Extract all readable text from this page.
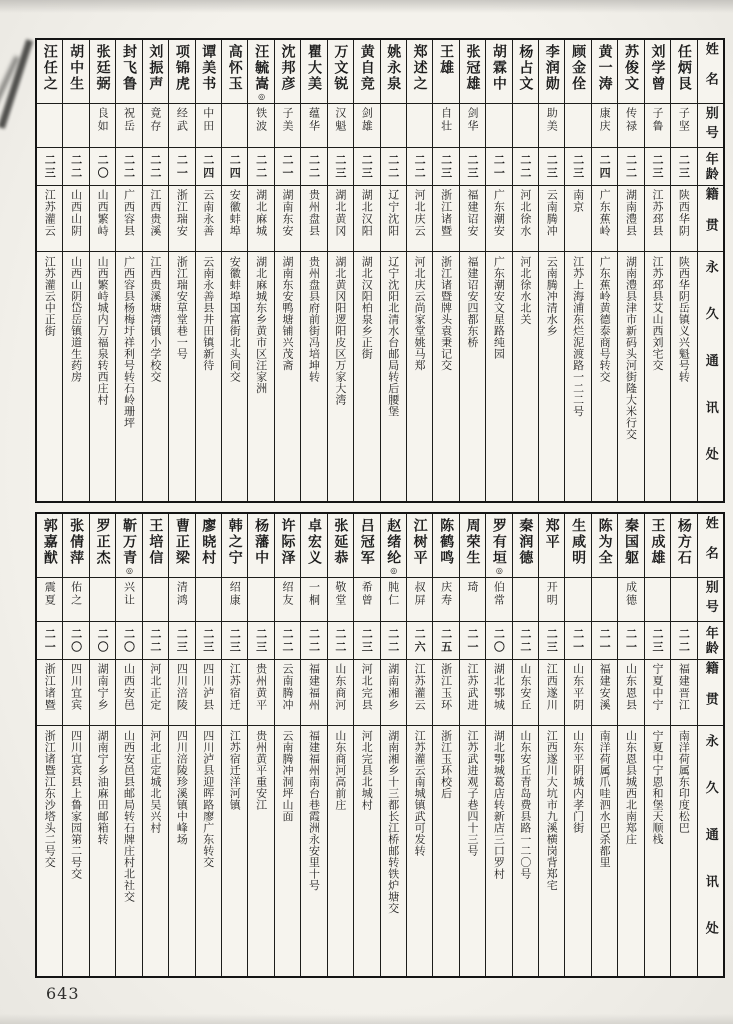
姓名
别号
年龄
籍贯
永久通讯处
任炳艮
子坚
二三
陕西华阴
陕西华阴岳镇义兴魁号转
刘学曾
子鲁
二三
江苏邳县
江苏邳县艾山西刘宅交
苏俊文
传禄
二二
湖南澧县
湖南澧县津市新码头河街隆大米行交
黄一涛
康庆
二四
广东蕉岭
广东蕉岭黄德泰商号转交
顾金佺
二三
南京
江苏上海浦东烂泥渡路一二二号
李润勋
助美
二三
云南腾冲
云南腾冲清水乡
杨占文
二二
河北徐水
河北徐水北关
胡霖中
二一
广东潮安
广东潮安文星路纯园
张冠雄
剑华
二三
福建诏安
福建诏安四都东桥
王雄
自壮
二三
浙江诸暨
浙江诸暨牌头袁秉记交
郑述之
二二
河北庆云
河北庆云尚家堂姚马郑
姚永泉
二二
辽宁沈阳
辽宁沈阳北清水台邮局转后腰堡
黄自竞
剑雄
二三
湖北汉阳
湖北汉阳柏泉乡正街
万文锐
汉魁
二三
湖北黄冈
湖北黄冈阳逻阳皮区万家大湾
瞿大美
蕴华
二二
贵州盘县
贵州盘县府前街冯培坤转
沈邦彦
子美
二一
湖南东安
湖南东安鸭塘铺兴茂斋
汪毓嵩◎
铁波
二二
湖北麻城
湖北麻城东乡黄市区汪家洲
高怀玉
二四
安徽蚌埠
安徽蚌埠国富街北头间交
谭美书
中田
二四
云南永善
云南永善县井田镇新待
项锦虎
经武
二一
浙江瑞安
浙江瑞安草堂巷一号
刘振声
竟存
二二
江西贵溪
江西贵溪塘湾镇小学校交
封飞鲁
祝岳
二二
广西容县
广西容县杨梅圩祥利号转石岭珊坪
张廷弼
良如
二〇
山西繁峙
山西繁峙城内万福泉转西庄村
胡中生
二二
山西山阴
山西山阴岱岳镇道生药房
汪任之
二三
江苏灌云
江苏灌云中正街
姓名
别号
年龄
籍贯
永久通讯处
杨方石
二二
福建晋江
南洋荷属东印度松巴
王成雄
二三
宁夏中宁
宁夏中宁恩和堡天顺栈
秦国躯
成德
二一
山东恩县
山东恩县城西北南郑庄
陈为全
二一
福建安溪
南洋荷属爪哇泗水巴杀都里
生咸明
二一
山东平阴
山东平阴城内孝门街
郑平
开明
二三
江西遂川
江西遂川大坑市九溪横岗背郑宅
秦润德
二二
山东安丘
山东安丘青岛费县路一二〇号
罗有垣◎
伯常
二〇
湖北鄂城
湖北鄂城葛店转新店三口罗村
周荣生
琦
二一
江苏武进
江苏武进观子巷四十三号
陈鹤鸣
庆寿
二五
浙江玉环
浙江玉环校后
江树平
叔屏
二六
江苏灌云
江苏灌云南城镇武可发转
赵绪纶◎
肫仁
二二
湖南湘乡
湖南湘乡十三都长江桥邮转铁炉塘交
吕冠军
希曾
二三
河北完县
河北完县北城村
张延恭
敬堂
二二
山东商河
山东商河高前庄
卓宏义
一桐
二二
福建福州
福建福州南台巷霞洲永安里十号
许际泽
绍友
二二
云南腾冲
云南腾冲洞坪山面
杨藩中
二三
贵州黄平
贵州黄平重安江
韩之宁
绍康
二三
江苏宿迁
江苏宿迁洋河镇
廖晓村
二三
四川泸县
四川泸县迎晖路廖广东转交
曹正梁
清鸿
二三
四川涪陵
四川涪陵珍溪镇中峰场
王培信
二二
河北正定
河北正定城北吴兴村
靳万青◎
兴让
二〇
山西安邑
山西安邑县邮局转石牌庄村北社交
罗正杰
二〇
湖南宁乡
湖南宁乡油麻田邮箱转
张倩萍
佑之
二〇
四川宜宾
四川宜宾县上鲁家园第二号交
郭嘉猷
震夏
二一
浙江诸暨
浙江诸暨江东沙塔头二号交
643
